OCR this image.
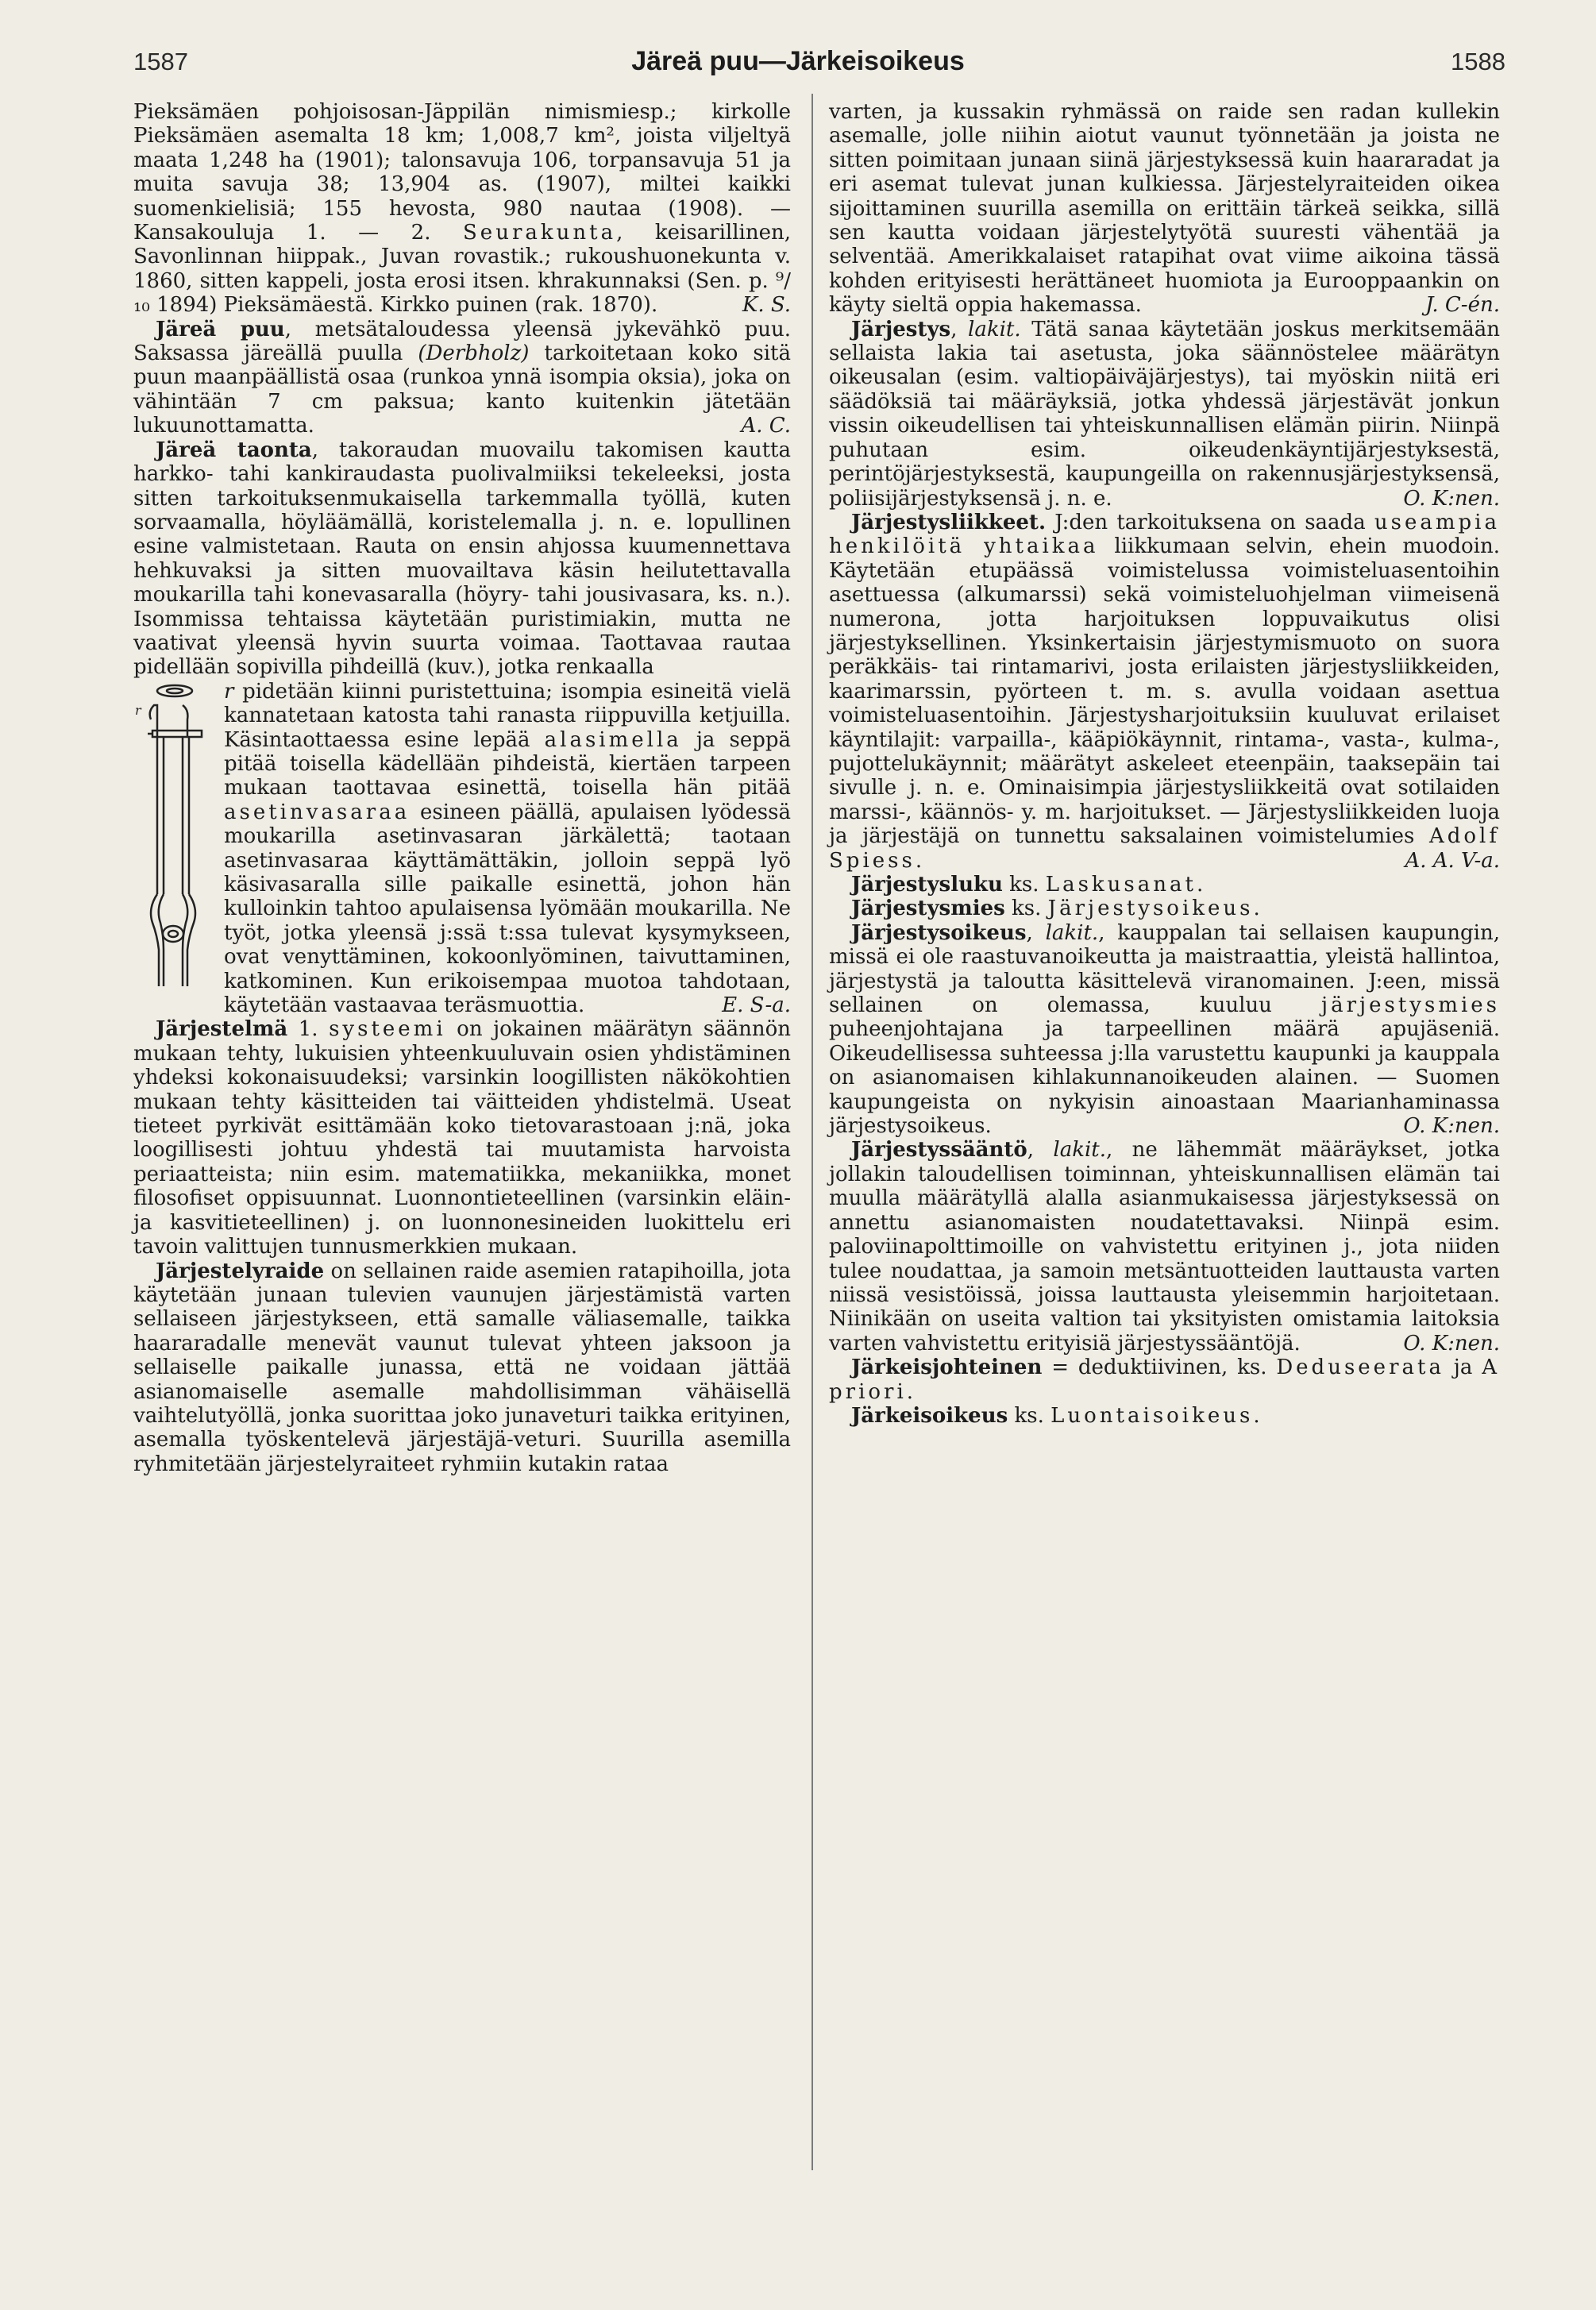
1587	Järeä puu—Järkeisoikeus	1588

Pieksämäen pohjoisosan-Jäppilän nimismiesp.; kirkolle Pieksämäen asemalta 18 km; 1,008,7 km², joista viljeltyä maata 1,248 ha (1901); talonsavuja 106, torpansavuja 51 ja muita savuja 38; 13,904 as. (1907), miltei kaikki suomenkielisiä; 155 hevosta, 980 nautaa (1908). — Kansakouluja 1. — 2. Seurakunta, keisarillinen, Savonlinnan hiippak., Juvan rovastik.; rukoushuonekunta v. 1860, sitten kappeli, josta erosi itsen. khrakunnaksi (Sen. p. ⁹/₁₀ 1894) Pieksämäestä. Kirkko puinen (rak. 1870).	K. S.

Järeä puu, metsätaloudessa yleensä jykevähkö puu. Saksassa järeällä puulla (Derbholz) tarkoitetaan koko sitä puun maanpäällistä osaa (runkoa ynnä isompia oksia), joka on vähintään 7 cm paksua; kanto kuitenkin jätetään lukuunottamatta.	A. C.

Järeä taonta, takoraudan muovailu takomisen kautta harkko- tahi kankiraudasta puolivalmiiksi tekeleeksi, josta sitten tarkoituksenmukaisella tarkemmalla työllä, kuten sorvaamalla, höyläämällä, koristelemalla j. n. e. lopullinen esine valmistetaan. Rauta on ensin ahjossa kuumennettava hehkuvaksi ja sitten muovailtava käsin heilutettavalla moukarilla tahi konevasaralla (höyry- tahi jousivasara, ks. n.). Isommissa tehtaissa käytetään puristimiakin, mutta ne vaativat yleensä hyvin suurta voimaa. Taottavaa rautaa pidellään sopivilla pihdeillä (kuv.), jotka renkaalla

r

r pidetään kiinni puristettuina; isompia esineitä vielä kannatetaan katosta tahi ranasta riippuvilla ketjuilla. Käsintaottaessa esine lepää alasimella ja seppä pitää toisella kädellään pihdeistä, kiertäen tarpeen mukaan taottavaa esinettä, toisella hän pitää asetinvasaraa esineen päällä, apulaisen lyödessä moukarilla asetinvasaran järkälettä; taotaan asetinvasaraa käyttämättäkin, jolloin seppä lyö käsivasaralla sille paikalle esinettä, johon hän kulloinkin tahtoo apulaisensa lyömään moukarilla. Ne työt, jotka yleensä j:ssä t:ssa tulevat kysymykseen, ovat venyttäminen, kokoonlyöminen, taivuttaminen, katkominen. Kun erikoisempaa muotoa tahdotaan, käytetään vastaavaa teräsmuottia.	E. S-a.

Järjestelmä 1. systeemi on jokainen määrätyn säännön mukaan tehty, lukuisien yhteenkuuluvain osien yhdistäminen yhdeksi kokonaisuudeksi; varsinkin loogillisten näkökohtien mukaan tehty käsitteiden tai väitteiden yhdistelmä. Useat tieteet pyrkivät esittämään koko tietovarastoaan j:nä, joka loogillisesti johtuu yhdestä tai muutamista harvoista periaatteista; niin esim. matematiikka, mekaniikka, monet filosofiset oppisuunnat. Luonnontieteellinen (varsinkin eläin- ja kasvitieteellinen) j. on luonnonesineiden luokittelu eri tavoin valittujen tunnusmerkkien mukaan.

Järjestelyraide on sellainen raide asemien ratapihoilla, jota käytetään junaan tulevien vaunujen järjestämistä varten sellaiseen järjestykseen, että samalle väliasemalle, taikka haararadalle menevät vaunut tulevat yhteen jaksoon ja sellaiselle paikalle junassa, että ne voidaan jättää asianomaiselle asemalle mahdollisimman vähäisellä vaihtelutyöllä, jonka suorittaa joko junaveturi taikka erityinen, asemalla työskentelevä järjestäjä-veturi. Suurilla asemilla ryhmitetään järjestelyraiteet ryhmiin kutakin rataa

varten, ja kussakin ryhmässä on raide sen radan kullekin asemalle, jolle niihin aiotut vaunut työnnetään ja joista ne sitten poimitaan junaan siinä järjestyksessä kuin haararadat ja eri asemat tulevat junan kulkiessa. Järjestelyraiteiden oikea sijoittaminen suurilla asemilla on erittäin tärkeä seikka, sillä sen kautta voidaan järjestelytyötä suuresti vähentää ja selventää. Amerikkalaiset ratapihat ovat viime aikoina tässä kohden erityisesti herättäneet huomiota ja Eurooppaankin on käyty sieltä oppia hakemassa.	J. C-én.

Järjestys, lakit. Tätä sanaa käytetään joskus merkitsemään sellaista lakia tai asetusta, joka säännöstelee määrätyn oikeusalan (esim. valtiopäiväjärjestys), tai myöskin niitä eri säädöksiä tai määräyksiä, jotka yhdessä järjestävät jonkun vissin oikeudellisen tai yhteiskunnallisen elämän piirin. Niinpä puhutaan esim. oikeudenkäyntijärjestyksestä, perintöjärjestyksestä, kaupungeilla on rakennusjärjestyksensä, poliisijärjestyksensä j. n. e.	O. K:nen.

Järjestysliikkeet. J:den tarkoituksena on saada useampia henkilöitä yhtaikaa liikkumaan selvin, ehein muodoin. Käytetään etupäässä voimistelussa voimisteluasentoihin asettuessa (alkumarssi) sekä voimisteluohjelman viimeisenä numerona, jotta harjoituksen loppuvaikutus olisi järjestyksellinen. Yksinkertaisin järjestymismuoto on suora peräkkäis- tai rintamarivi, josta erilaisten järjestysliikkeiden, kaarimarssin, pyörteen t. m. s. avulla voidaan asettua voimisteluasentoihin. Järjestysharjoituksiin kuuluvat erilaiset käyntilajit: varpailla-, kääpiökäynnit, rintama-, vasta-, kulma-, pujottelukäynnit; määrätyt askeleet eteenpäin, taaksepäin tai sivulle j. n. e. Ominaisimpia järjestysliikkeitä ovat sotilaiden marssi-, käännös- y. m. harjoitukset. — Järjestysliikkeiden luoja ja järjestäjä on tunnettu saksalainen voimistelumies Adolf Spiess.	A. A. V-a.

Järjestysluku ks. Laskusanat.

Järjestysmies ks. Järjestysoikeus.

Järjestysoikeus, lakit., kauppalan tai sellaisen kaupungin, missä ei ole raastuvanoikeutta ja maistraattia, yleistä hallintoa, järjestystä ja taloutta käsittelevä viranomainen. J:een, missä sellainen on olemassa, kuuluu järjestysmies puheenjohtajana ja tarpeellinen määrä apujäseniä. Oikeudellisessa suhteessa j:lla varustettu kaupunki ja kauppala on asianomaisen kihlakunnanoikeuden alainen. — Suomen kaupungeista on nykyisin ainoastaan Maarianhaminassa järjestysoikeus.	O. K:nen.

Järjestyssääntö, lakit., ne lähemmät määräykset, jotka jollakin taloudellisen toiminnan, yhteiskunnallisen elämän tai muulla määrätyllä alalla asianmukaisessa järjestyksessä on annettu asianomaisten noudatettavaksi. Niinpä esim. paloviinapolttimoille on vahvistettu erityinen j., jota niiden tulee noudattaa, ja samoin metsäntuotteiden lauttausta varten niissä vesistöissä, joissa lauttausta yleisemmin harjoitetaan. Niinikään on useita valtion tai yksityisten omistamia laitoksia varten vahvistettu erityisiä järjestyssääntöjä.	O. K:nen.

Järkeisjohteinen = deduktiivinen, ks. Deduseerata ja A priori.

Järkeisoikeus ks. Luontaisoikeus.
